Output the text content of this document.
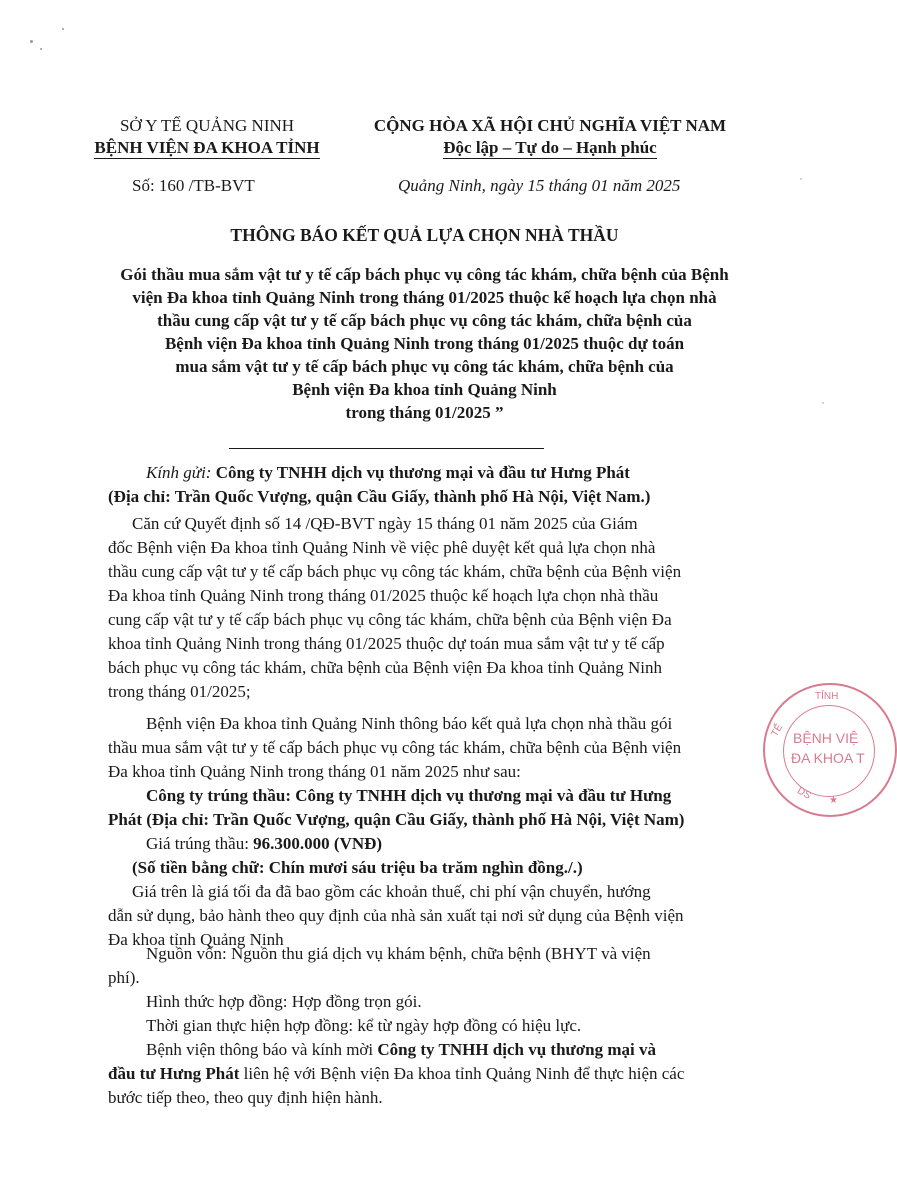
SỞ Y TẾ QUẢNG NINH
BỆNH VIỆN ĐA KHOA TỈNH
CỘNG HÒA XÃ HỘI CHỦ NGHĨA VIỆT NAM
Độc lập – Tự do – Hạnh phúc
Số: 160 /TB-BVT	Quảng Ninh, ngày 15 tháng 01 năm 2025
THÔNG BÁO KẾT QUẢ LỰA CHỌN NHÀ THẦU
Gói thầu mua sắm vật tư y tế cấp bách phục vụ công tác khám, chữa bệnh của Bệnh
viện Đa khoa tỉnh Quảng Ninh trong tháng 01/2025 thuộc kế hoạch lựa chọn nhà
thầu cung cấp vật tư y tế cấp bách phục vụ công tác khám, chữa bệnh của
Bệnh viện Đa khoa tỉnh Quảng Ninh trong tháng 01/2025 thuộc dự toán
mua sắm vật tư y tế cấp bách phục vụ công tác khám, chữa bệnh của
Bệnh viện Đa khoa tỉnh Quảng Ninh
trong tháng 01/2025 ”
Kính gửi: Công ty TNHH dịch vụ thương mại và đầu tư Hưng Phát
(Địa chỉ: Trần Quốc Vượng, quận Cầu Giấy, thành phố Hà Nội, Việt Nam.)
Căn cứ Quyết định số 14 /QĐ-BVT ngày 15 tháng 01 năm 2025 của Giám
đốc Bệnh viện Đa khoa tỉnh Quảng Ninh về việc phê duyệt kết quả lựa chọn nhà
thầu cung cấp vật tư y tế cấp bách phục vụ công tác khám, chữa bệnh của Bệnh viện
Đa khoa tỉnh Quảng Ninh trong tháng 01/2025 thuộc kế hoạch lựa chọn nhà thầu
cung cấp vật tư y tế cấp bách phục vụ công tác khám, chữa bệnh của Bệnh viện Đa
khoa tỉnh Quảng Ninh trong tháng 01/2025 thuộc dự toán mua sắm vật tư y tế cấp
bách phục vụ công tác khám, chữa bệnh của Bệnh viện Đa khoa tỉnh Quảng Ninh
trong tháng 01/2025;
Bệnh viện Đa khoa tỉnh Quảng Ninh thông báo kết quả lựa chọn nhà thầu gói
thầu mua sắm vật tư y tế cấp bách phục vụ công tác khám, chữa bệnh của Bệnh viện
Đa khoa tỉnh Quảng Ninh trong tháng 01 năm 2025 như sau:
Công ty trúng thầu: Công ty TNHH dịch vụ thương mại và đầu tư Hưng
Phát (Địa chỉ: Trần Quốc Vượng, quận Cầu Giấy, thành phố Hà Nội, Việt Nam)
Giá trúng thầu: 96.300.000 (VNĐ)
(Số tiền bằng chữ: Chín mươi sáu triệu ba trăm nghìn đồng./.)
Giá trên là giá tối đa đã bao gồm các khoản thuế, chi phí vận chuyển, hướng
dẫn sử dụng, bảo hành theo quy định của nhà sản xuất tại nơi sử dụng của Bệnh viện
Đa khoa tỉnh Quảng Ninh
Nguồn vốn: Nguồn thu giá dịch vụ khám bệnh, chữa bệnh (BHYT và viện
phí).
Hình thức hợp đồng: Hợp đồng trọn gói.
Thời gian thực hiện hợp đồng: kể từ ngày hợp đồng có hiệu lực.
Bệnh viện thông báo và kính mời Công ty TNHH dịch vụ thương mại và
đầu tư Hưng Phát liên hệ với Bệnh viện Đa khoa tỉnh Quảng Ninh để thực hiện các
bước tiếp theo, theo quy định hiện hành.
TỈNH
TẾ BỆNH VIỆ
ĐA KHOA T
DS ★
